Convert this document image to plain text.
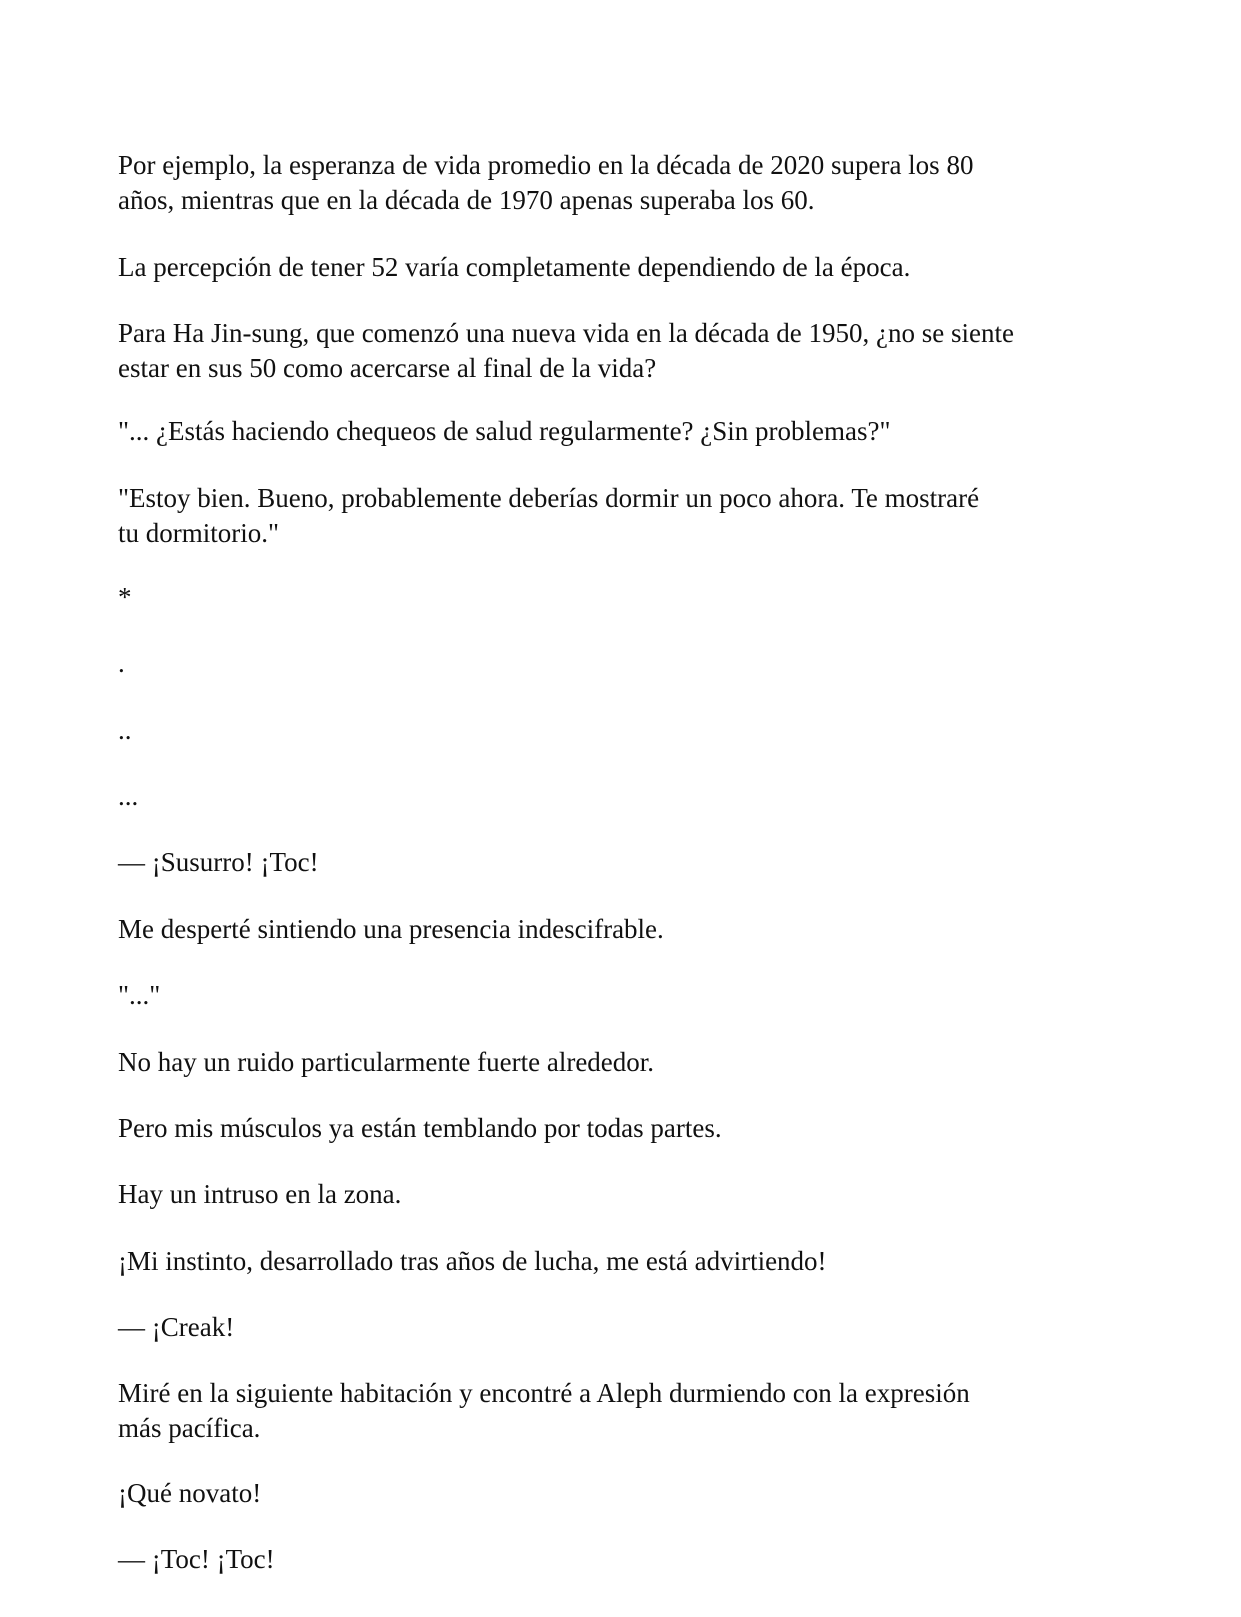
Por ejemplo, la esperanza de vida promedio en la década de 2020 supera los 80
años, mientras que en la década de 1970 apenas superaba los 60.
La percepción de tener 52 varía completamente dependiendo de la época.
Para Ha Jin-sung, que comenzó una nueva vida en la década de 1950, ¿no se siente
estar en sus 50 como acercarse al final de la vida?
"... ¿Estás haciendo chequeos de salud regularmente? ¿Sin problemas?"
"Estoy bien. Bueno, probablemente deberías dormir un poco ahora. Te mostraré
tu dormitorio."
*
.
..
...
— ¡Susurro! ¡Toc!
Me desperté sintiendo una presencia indescifrable.
"..."
No hay un ruido particularmente fuerte alrededor.
Pero mis músculos ya están temblando por todas partes.
Hay un intruso en la zona.
¡Mi instinto, desarrollado tras años de lucha, me está advirtiendo!
— ¡Creak!
Miré en la siguiente habitación y encontré a Aleph durmiendo con la expresión
más pacífica.
¡Qué novato!
— ¡Toc! ¡Toc!
